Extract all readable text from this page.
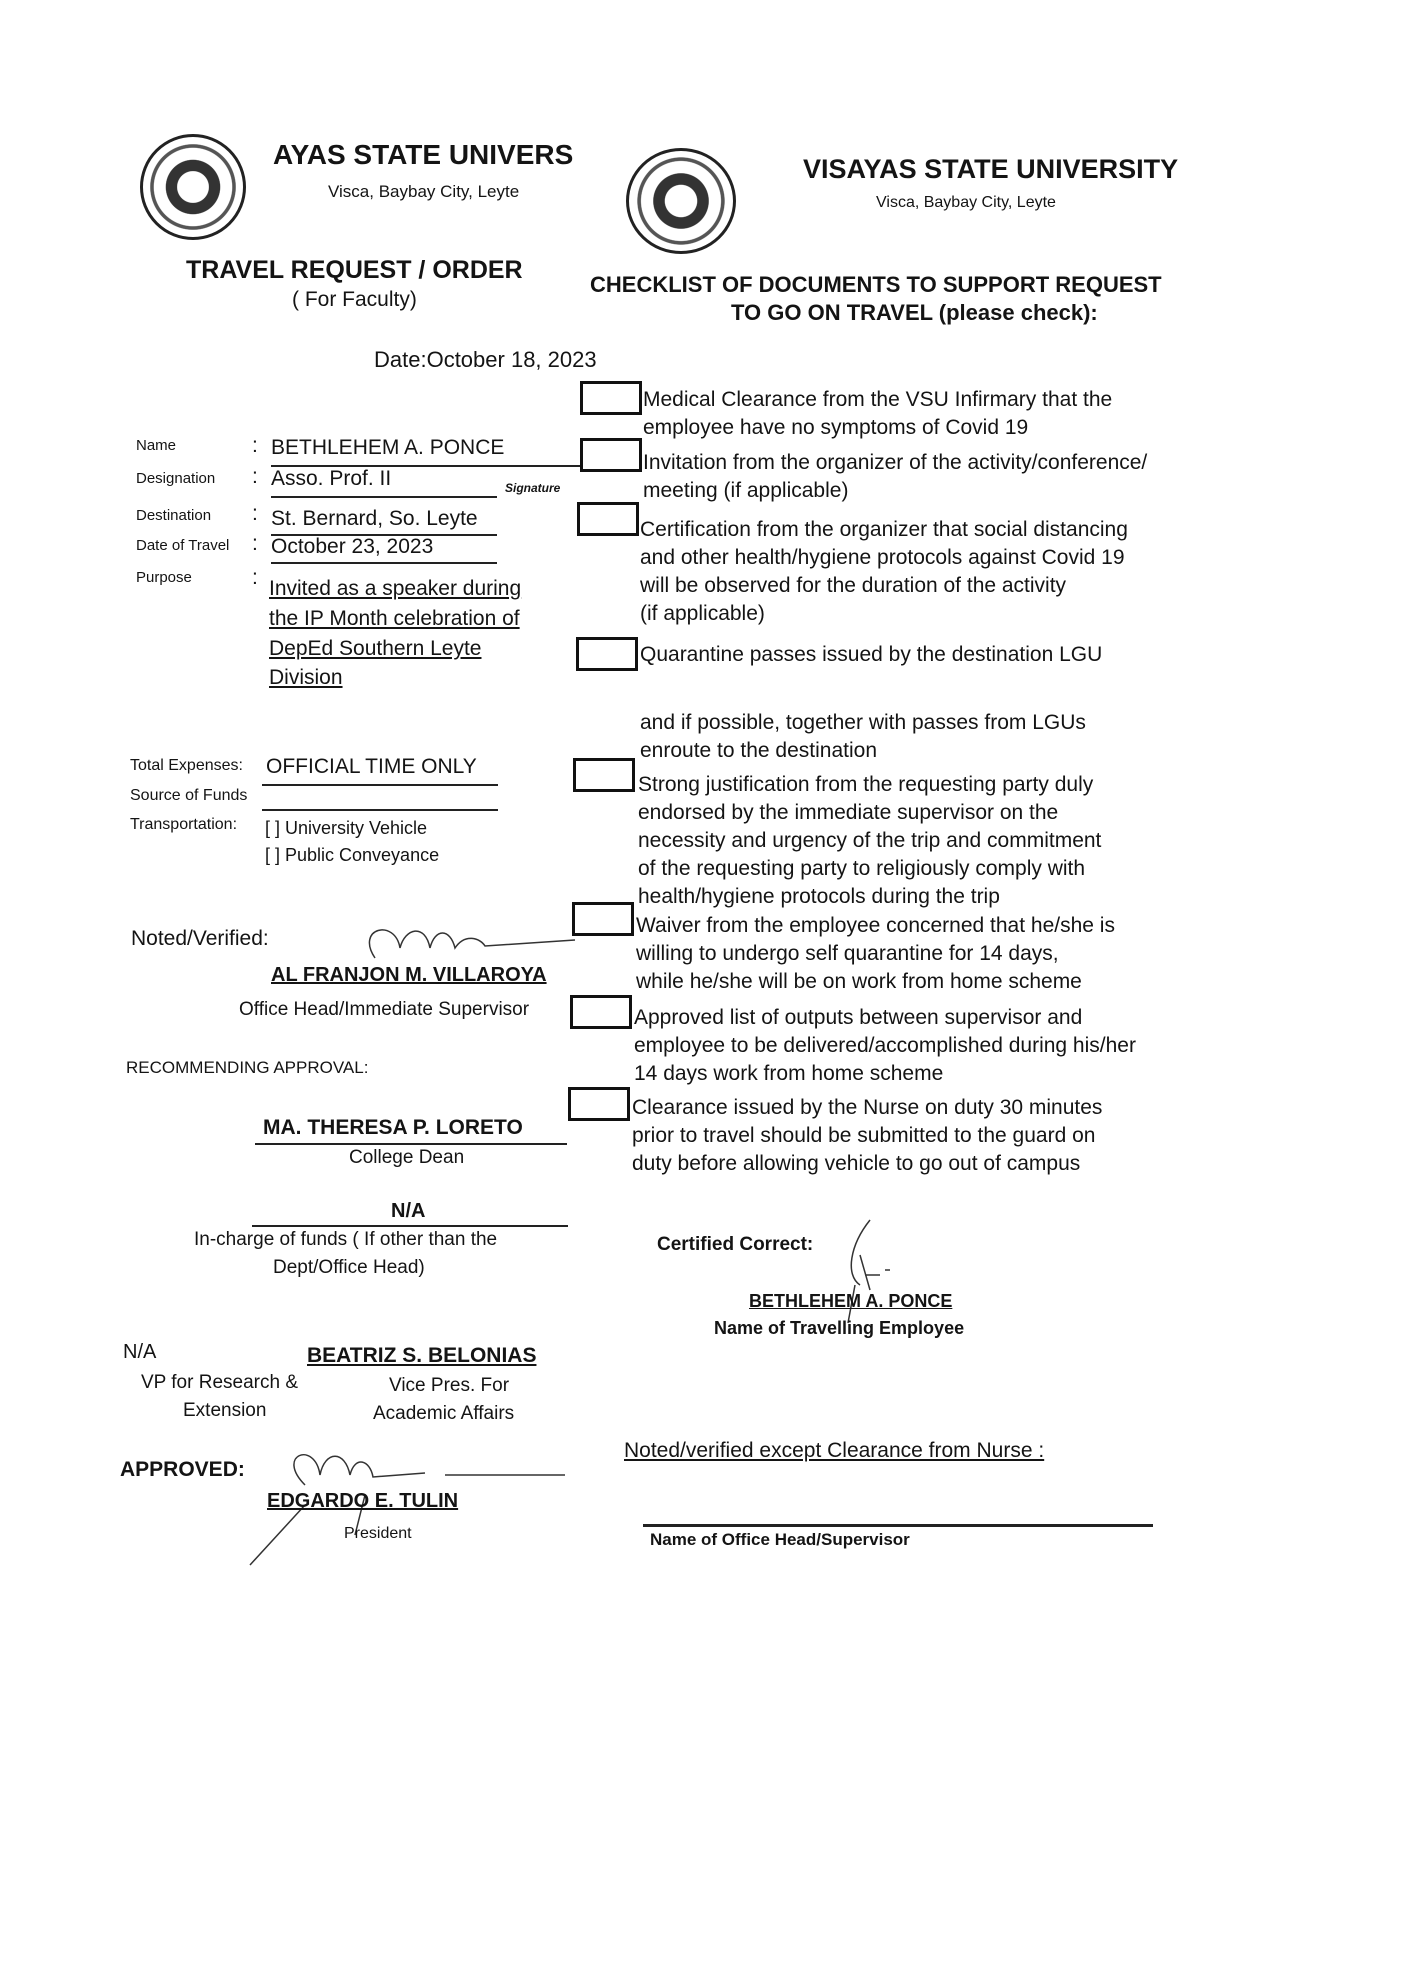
AYAS STATE UNIVERS
Visca, Baybay City, Leyte
VISAYAS STATE UNIVERSITY
Visca, Baybay City, Leyte
TRAVEL REQUEST / ORDER
( For Faculty)
CHECKLIST OF DOCUMENTS TO SUPPORT REQUEST
TO GO ON TRAVEL (please check):
Date:October 18, 2023
Name	: BETHLEHEM A. PONCE
Designation : Asso. Prof. II	Signature
Destination : St. Bernard, So. Leyte
Date of Travel : October 23, 2023
Purpose	: Invited as a speaker during
the IP Month celebration of
DepEd Southern Leyte
Division
Total Expenses: OFFICIAL TIME ONLY
Source of Funds
Transportation: [ ] University Vehicle
[ ] Public Conveyance
Noted/Verified:
AL FRANJON M. VILLAROYA
Office Head/Immediate Supervisor
RECOMMENDING APPROVAL:
MA. THERESA P. LORETO
College Dean
N/A
In-charge of funds ( If other than the
Dept/Office Head)
N/A
VP for Research &
Extension
BEATRIZ S. BELONIAS
Vice Pres. For
Academic Affairs
APPROVED:
EDGARDO E. TULIN
President
Medical Clearance from the VSU Infirmary that the
employee have no symptoms of Covid 19
Invitation from the organizer of the activity/conference/
meeting (if applicable)
Certification from the organizer that social distancing
and other health/hygiene protocols against Covid 19
will be observed for the duration of the activity
(if applicable)
Quarantine passes issued by the destination LGU
and if possible, together with passes from LGUs
enroute to the destination
Strong justification from the requesting party duly
endorsed by the immediate supervisor on the
necessity and urgency of the trip and commitment
of the requesting party to religiously comply with
health/hygiene protocols during the trip
Waiver from the employee concerned that he/she is
willing to undergo self quarantine for 14 days,
while he/she will be on work from home scheme
Approved list of outputs between supervisor and
employee to be delivered/accomplished during his/her
14 days work from home scheme
Clearance issued by the Nurse on duty 30 minutes
prior to travel should be submitted to the guard on
duty before allowing vehicle to go out of campus
Certified Correct:
BETHLEHEM A. PONCE
Name of Travelling Employee
Noted/verified except Clearance from Nurse :
Name of Office Head/Supervisor
